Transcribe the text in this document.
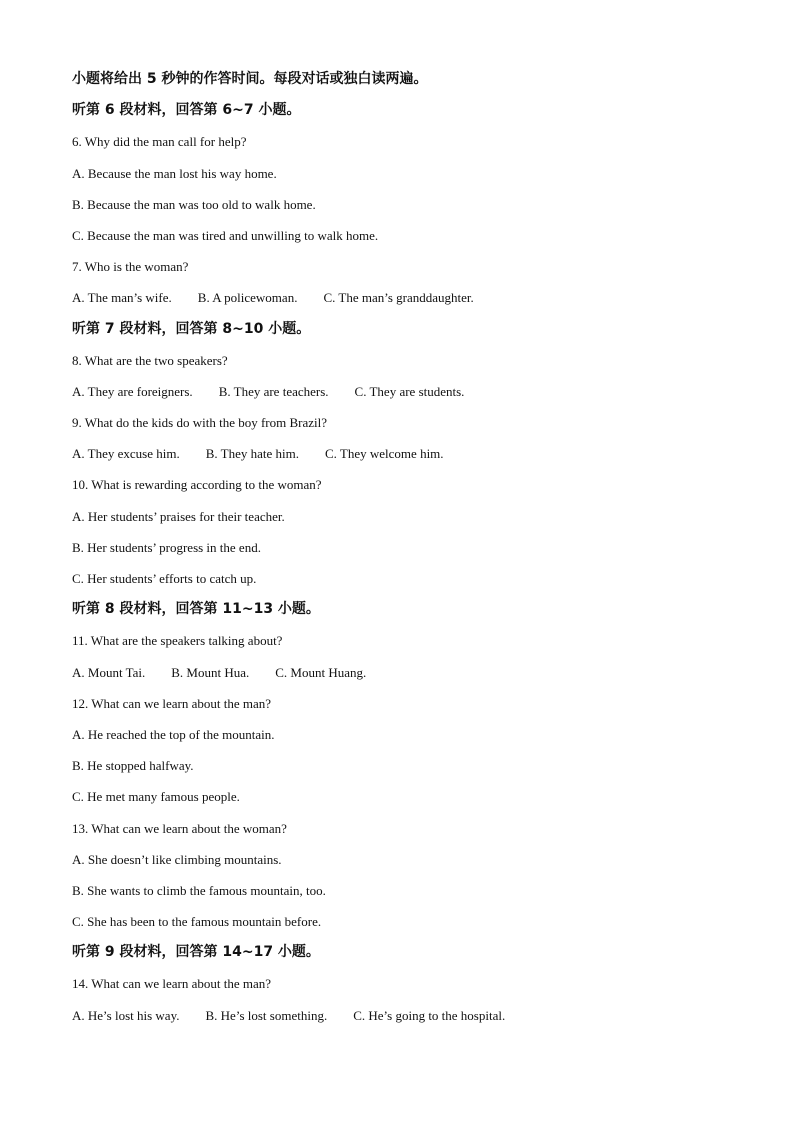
小题将给出 5 秒钟的作答时间。每段对话或独白读两遍。
听第 6 段材料，回答第 6~7 小题。
6. Why did the man call for help?
A. Because the man lost his way home.
B. Because the man was too old to walk home.
C. Because the man was tired and unwilling to walk home.
7. Who is the woman?
A. The man’s wife. B. A policewoman. C. The man’s granddaughter.
听第 7 段材料，回答第 8~10 小题。
8. What are the two speakers?
A. They are foreigners. B. They are teachers. C. They are students.
9. What do the kids do with the boy from Brazil?
A. They excuse him. B. They hate him. C. They welcome him.
10. What is rewarding according to the woman?
A. Her students’ praises for their teacher.
B. Her students’ progress in the end.
C. Her students’ efforts to catch up.
听第 8 段材料，回答第 11~13 小题。
11. What are the speakers talking about?
A. Mount Tai. B. Mount Hua. C. Mount Huang.
12. What can we learn about the man?
A. He reached the top of the mountain.
B. He stopped halfway.
C. He met many famous people.
13. What can we learn about the woman?
A. She doesn’t like climbing mountains.
B. She wants to climb the famous mountain, too.
C. She has been to the famous mountain before.
听第 9 段材料，回答第 14~17 小题。
14. What can we learn about the man?
A. He’s lost his way. B. He’s lost something. C. He’s going to the hospital.
